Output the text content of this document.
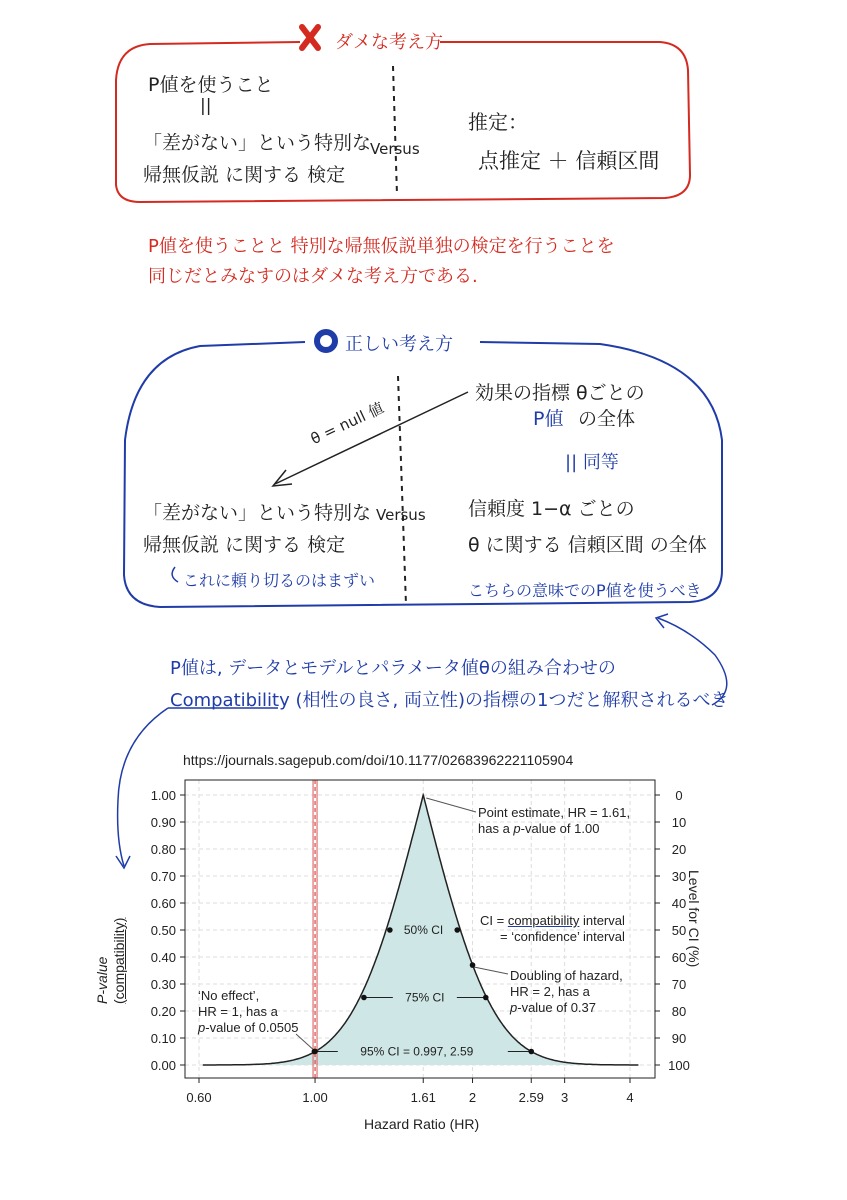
ダメな考え方
P値を使うこと
||
「差がない」という特別な
帰無仮説 に関する 検定
Versus
推定：
点推定 ＋ 信頼区間
P値を使うことと 特別な帰無仮説単独の検定を行うことを
同じだとみなすのはダメな考え方である.
正しい考え方
効果の指標 θごとの
P値 の全体
|| 同等
θ = null 値
「差がない」という特別な
帰無仮説 に関する 検定
これに頼り切るのはまずい
Versus 信頼度 1−α ごとの
θ に関する 信頼区間 の全体
こちらの意味でのP値を使うべき
P値は, データとモデルとパラメータ値θの組み合わせの
Compatibility (相性の良さ, 両立性)の指標の1つだと解釈されるべき
https://journals.sagepub.com/doi/10.1177/02683962221105904
50% CI
75% CI
95% CI = 0.997, 2.59
0.00	100
0.10	90
0.20	80
0.30	70
0.40	60
0.50	50
0.60	40
0.70	30
0.80	20
0.90	10
1.00	0
0.60	1.00	1.61	2	2.59 3	4
Hazard Ratio (HR)
P-value (compatibility)	Level for CI (%)
Point estimate, HR = 1.61,
has a p-value of 1.00
CI = compatibility interval
= ‘confidence’ interval
Doubling of hazard,
HR = 2, has a
p-value of 0.37
‘No effect’,
HR = 1, has a
p-value of 0.0505
